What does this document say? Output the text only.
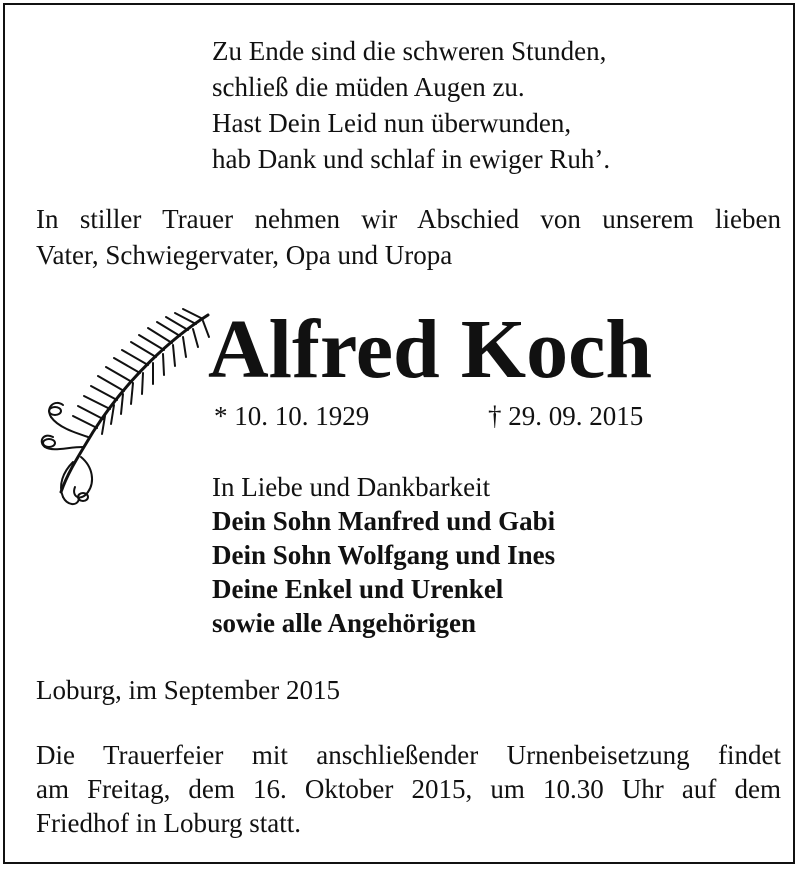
Zu Ende sind die schweren Stunden,
schließ die müden Augen zu.
Hast Dein Leid nun überwunden,
hab Dank und schlaf in ewiger Ruh’.
In stiller Trauer nehmen wir Abschied von unserem lieben
Vater, Schwiegervater, Opa und Uropa
Alfred Koch
* 10. 10. 1929	† 29. 09. 2015
In Liebe und Dankbarkeit
Dein Sohn Manfred und Gabi
Dein Sohn Wolfgang und Ines
Deine Enkel und Urenkel
sowie alle Angehörigen
Loburg, im September 2015
Die Trauerfeier mit anschließender Urnenbeisetzung findet
am Freitag, dem 16. Oktober 2015, um 10.30 Uhr auf dem
Friedhof in Loburg statt.
